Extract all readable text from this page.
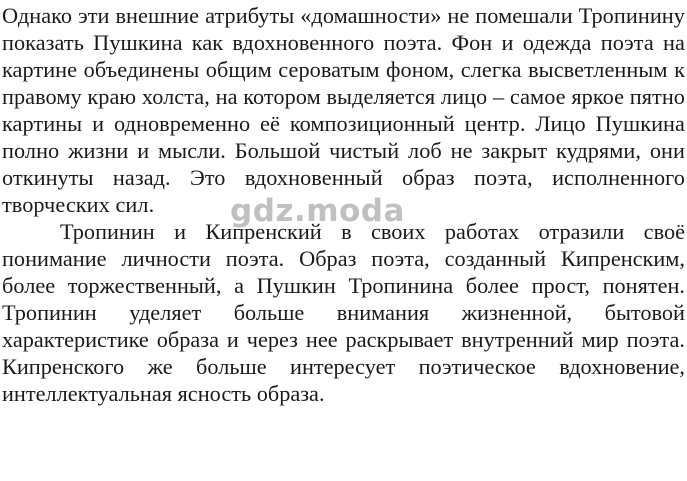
Однако эти внешние атрибуты «домашности» не помешали Тропинину показать Пушкина как вдохновенного поэта. Фон и одежда поэта на картине объединены общим сероватым фоном, слегка высветленным к правому краю холста, на котором выделяется лицо – самое яркое пятно картины и одновременно её композиционный центр. Лицо Пушкина полно жизни и мысли. Большой чистый лоб не закрыт кудрями, они откинуты назад. Это вдохновенный образ поэта, исполненного творческих сил.

Тропинин и Кипренский в своих работах отразили своё понимание личности поэта. Образ поэта, созданный Кипренским, более торжественный, а Пушкин Тропинина более прост, понятен. Тропинин уделяет больше внимания жизненной, бытовой характеристике образа и через нее раскрывает внутренний мир поэта. Кипренского же больше интересует поэтическое вдохновение, интеллектуальная ясность образа.

gdz.moda
